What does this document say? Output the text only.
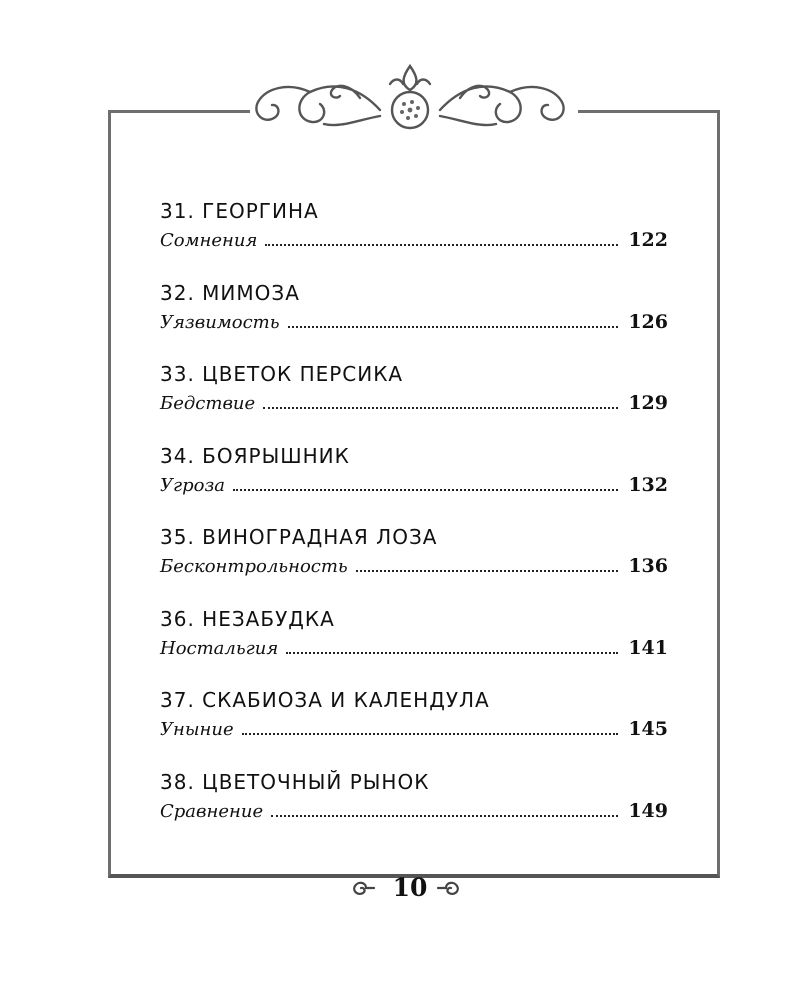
31. ГЕОРГИНА
Сомнения	122
32. МИМОЗА
Уязвимость	126
33. ЦВЕТОК ПЕРСИКА
Бедствие	129
34. БОЯРЫШНИК
Угроза	132
35. ВИНОГРАДНАЯ ЛОЗА
Бесконтрольность	136
36. НЕЗАБУДКА
Ностальгия	141
37. СКАБИОЗА И КАЛЕНДУЛА
Уныние	145
38. ЦВЕТОЧНЫЙ РЫНОК
Сравнение	149
10
